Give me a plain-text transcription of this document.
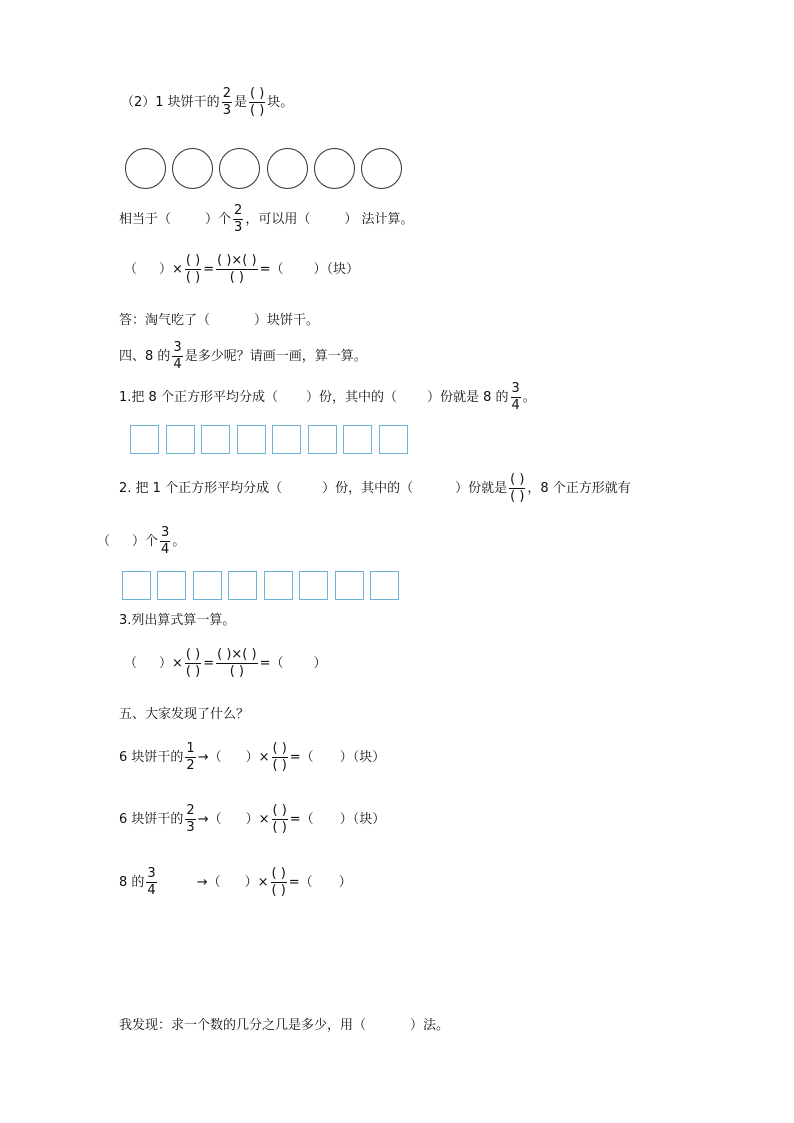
（2）1 块饼干的 $\frac{2}{3}$ 是 $\frac{( )}{( )}$ 块。
相当于（	）个 $\frac{2}{3}$ ，可以用（	） 法计算。
（ ）× $\frac{( )}{( )} = \frac{( )\times( )}{( )}$ =（ ）（块）
答：淘气吃了（	）块饼干。
四、8 的 $\frac{3}{4}$ 是多少呢？请画一画，算一算。
1.把 8 个正方形平均分成（ ）份，其中的（ ）份就是 8 的 $\frac{3}{4}$ 。
2. 把 1 个正方形平均分成（	）份，其中的（	）份就是 $\frac{( )}{( )}$ ，8 个正方形就有
（ ）个 $\frac{3}{4}$ 。
3.列出算式算一算。
（ ）× $\frac{( )}{( )} = \frac{( )\times( )}{( )}$ =（ ）
五、大家发现了什么？
6 块饼干的 $\frac{1}{2}$ →（ ）× $\frac{( )}{( )}$ =（ ）（块）
6 块饼干的 $\frac{2}{3}$ →（ ）× $\frac{( )}{( )}$ =（ ）（块）
8 的 $\frac{3}{4}$	→（ ）× $\frac{( )}{( )}$ =（ ）
我发现：求一个数的几分之几是多少，用（	）法。
